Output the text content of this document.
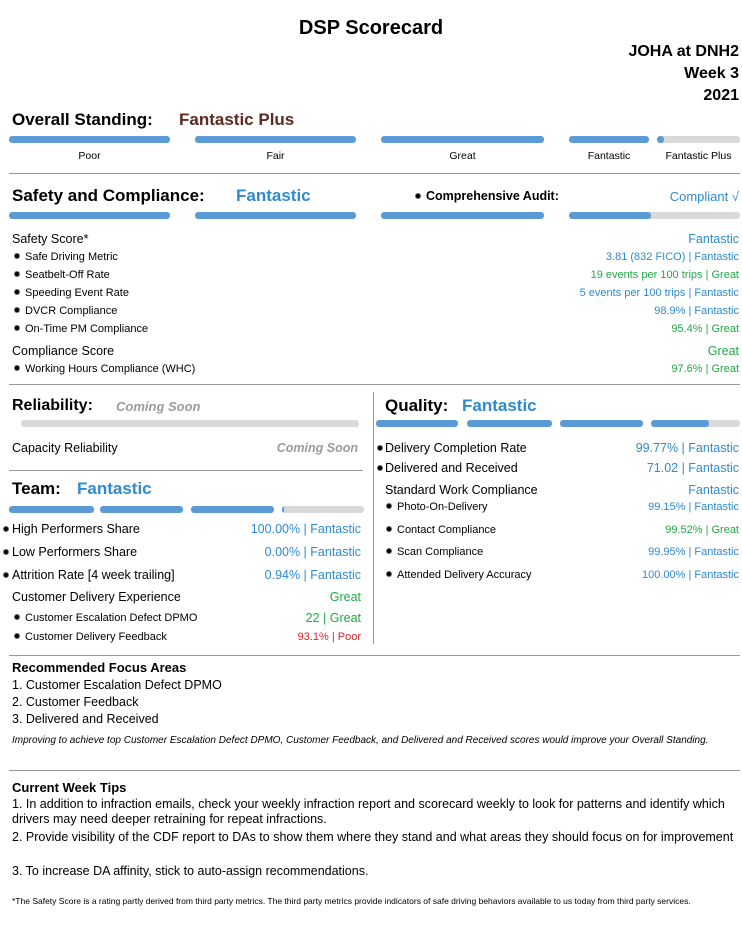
DSP Scorecard
JOHA at DNH2
Week 3
2021
Overall Standing: Fantastic Plus
Poor	Fair	Great	Fantastic	Fantastic Plus
Safety and Compliance: Fantastic	Comprehensive Audit:	Compliant √
Safety Score*	Fantastic
Safe Driving Metric	3.81 (832 FICO) | Fantastic
Seatbelt-Off Rate	19 events per 100 trips | Great
Speeding Event Rate	5 events per 100 trips | Fantastic
DVCR Compliance	98.9% | Fantastic
On-Time PM Compliance	95.4% | Great
Compliance Score	Great
Working Hours Compliance (WHC)	97.6% | Great
Reliability: Coming Soon
Capacity Reliability	Coming Soon
Team: Fantastic
High Performers Share	100.00% | Fantastic
Low Performers Share	0.00% | Fantastic
Attrition Rate [4 week trailing]	0.94% | Fantastic
Customer Delivery Experience	Great
Customer Escalation Defect DPMO	22 | Great
Customer Delivery Feedback	93.1% | Poor
Quality: Fantastic
Delivery Completion Rate	99.77% | Fantastic
Delivered and Received	71.02 | Fantastic
Standard Work Compliance	Fantastic
Photo-On-Delivery	99.15% | Fantastic
Contact Compliance	99.52% | Great
Scan Compliance	99.95% | Fantastic
Attended Delivery Accuracy	100.00% | Fantastic
Recommended Focus Areas
1. Customer Escalation Defect DPMO
2. Customer Feedback
3. Delivered and Received
Improving to achieve top Customer Escalation Defect DPMO, Customer Feedback, and Delivered and Received scores would improve your Overall Standing.
Current Week Tips
1. In addition to infraction emails, check your weekly infraction report and scorecard weekly to look for patterns and identify which drivers may need deeper retraining for repeat infractions.
2. Provide visibility of the CDF report to DAs to show them where they stand and what areas they should focus on for improvement
3. To increase DA affinity, stick to auto-assign recommendations.
*The Safety Score is a rating partly derived from third party metrics. The third party metrics provide indicators of safe driving behaviors available to us today from third party services.
